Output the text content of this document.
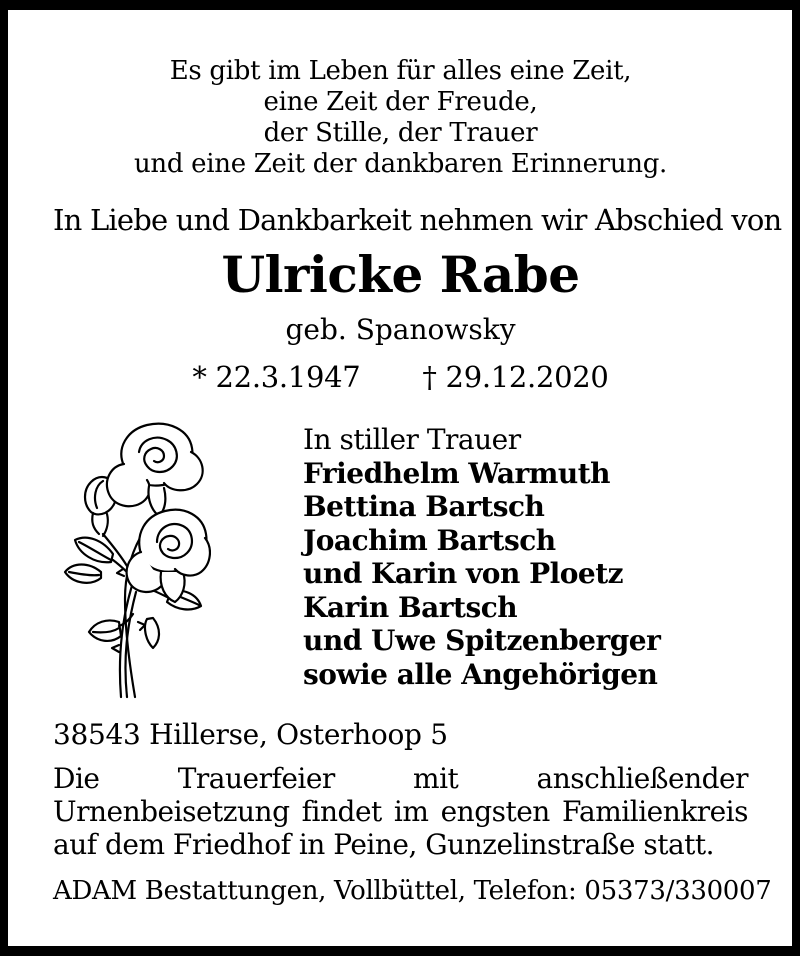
Es gibt im Leben für alles eine Zeit,
eine Zeit der Freude,
der Stille, der Trauer
und eine Zeit der dankbaren Erinnerung.
In Liebe und Dankbarkeit nehmen wir Abschied von
Ulricke Rabe
geb. Spanowsky
* 22.3.1947 † 29.12.2020
In stiller Trauer
Friedhelm Warmuth
Bettina Bartsch
Joachim Bartsch
und Karin von Ploetz
Karin Bartsch
und Uwe Spitzenberger
sowie alle Angehörigen
38543 Hillerse, Osterhoop 5

Die Trauerfeier mit anschließender Urnenbeisetzung findet im engsten Familienkreis auf dem Friedhof in Peine, Gunzelinstraße statt.

ADAM Bestattungen, Vollbüttel, Telefon: 05373/330007
